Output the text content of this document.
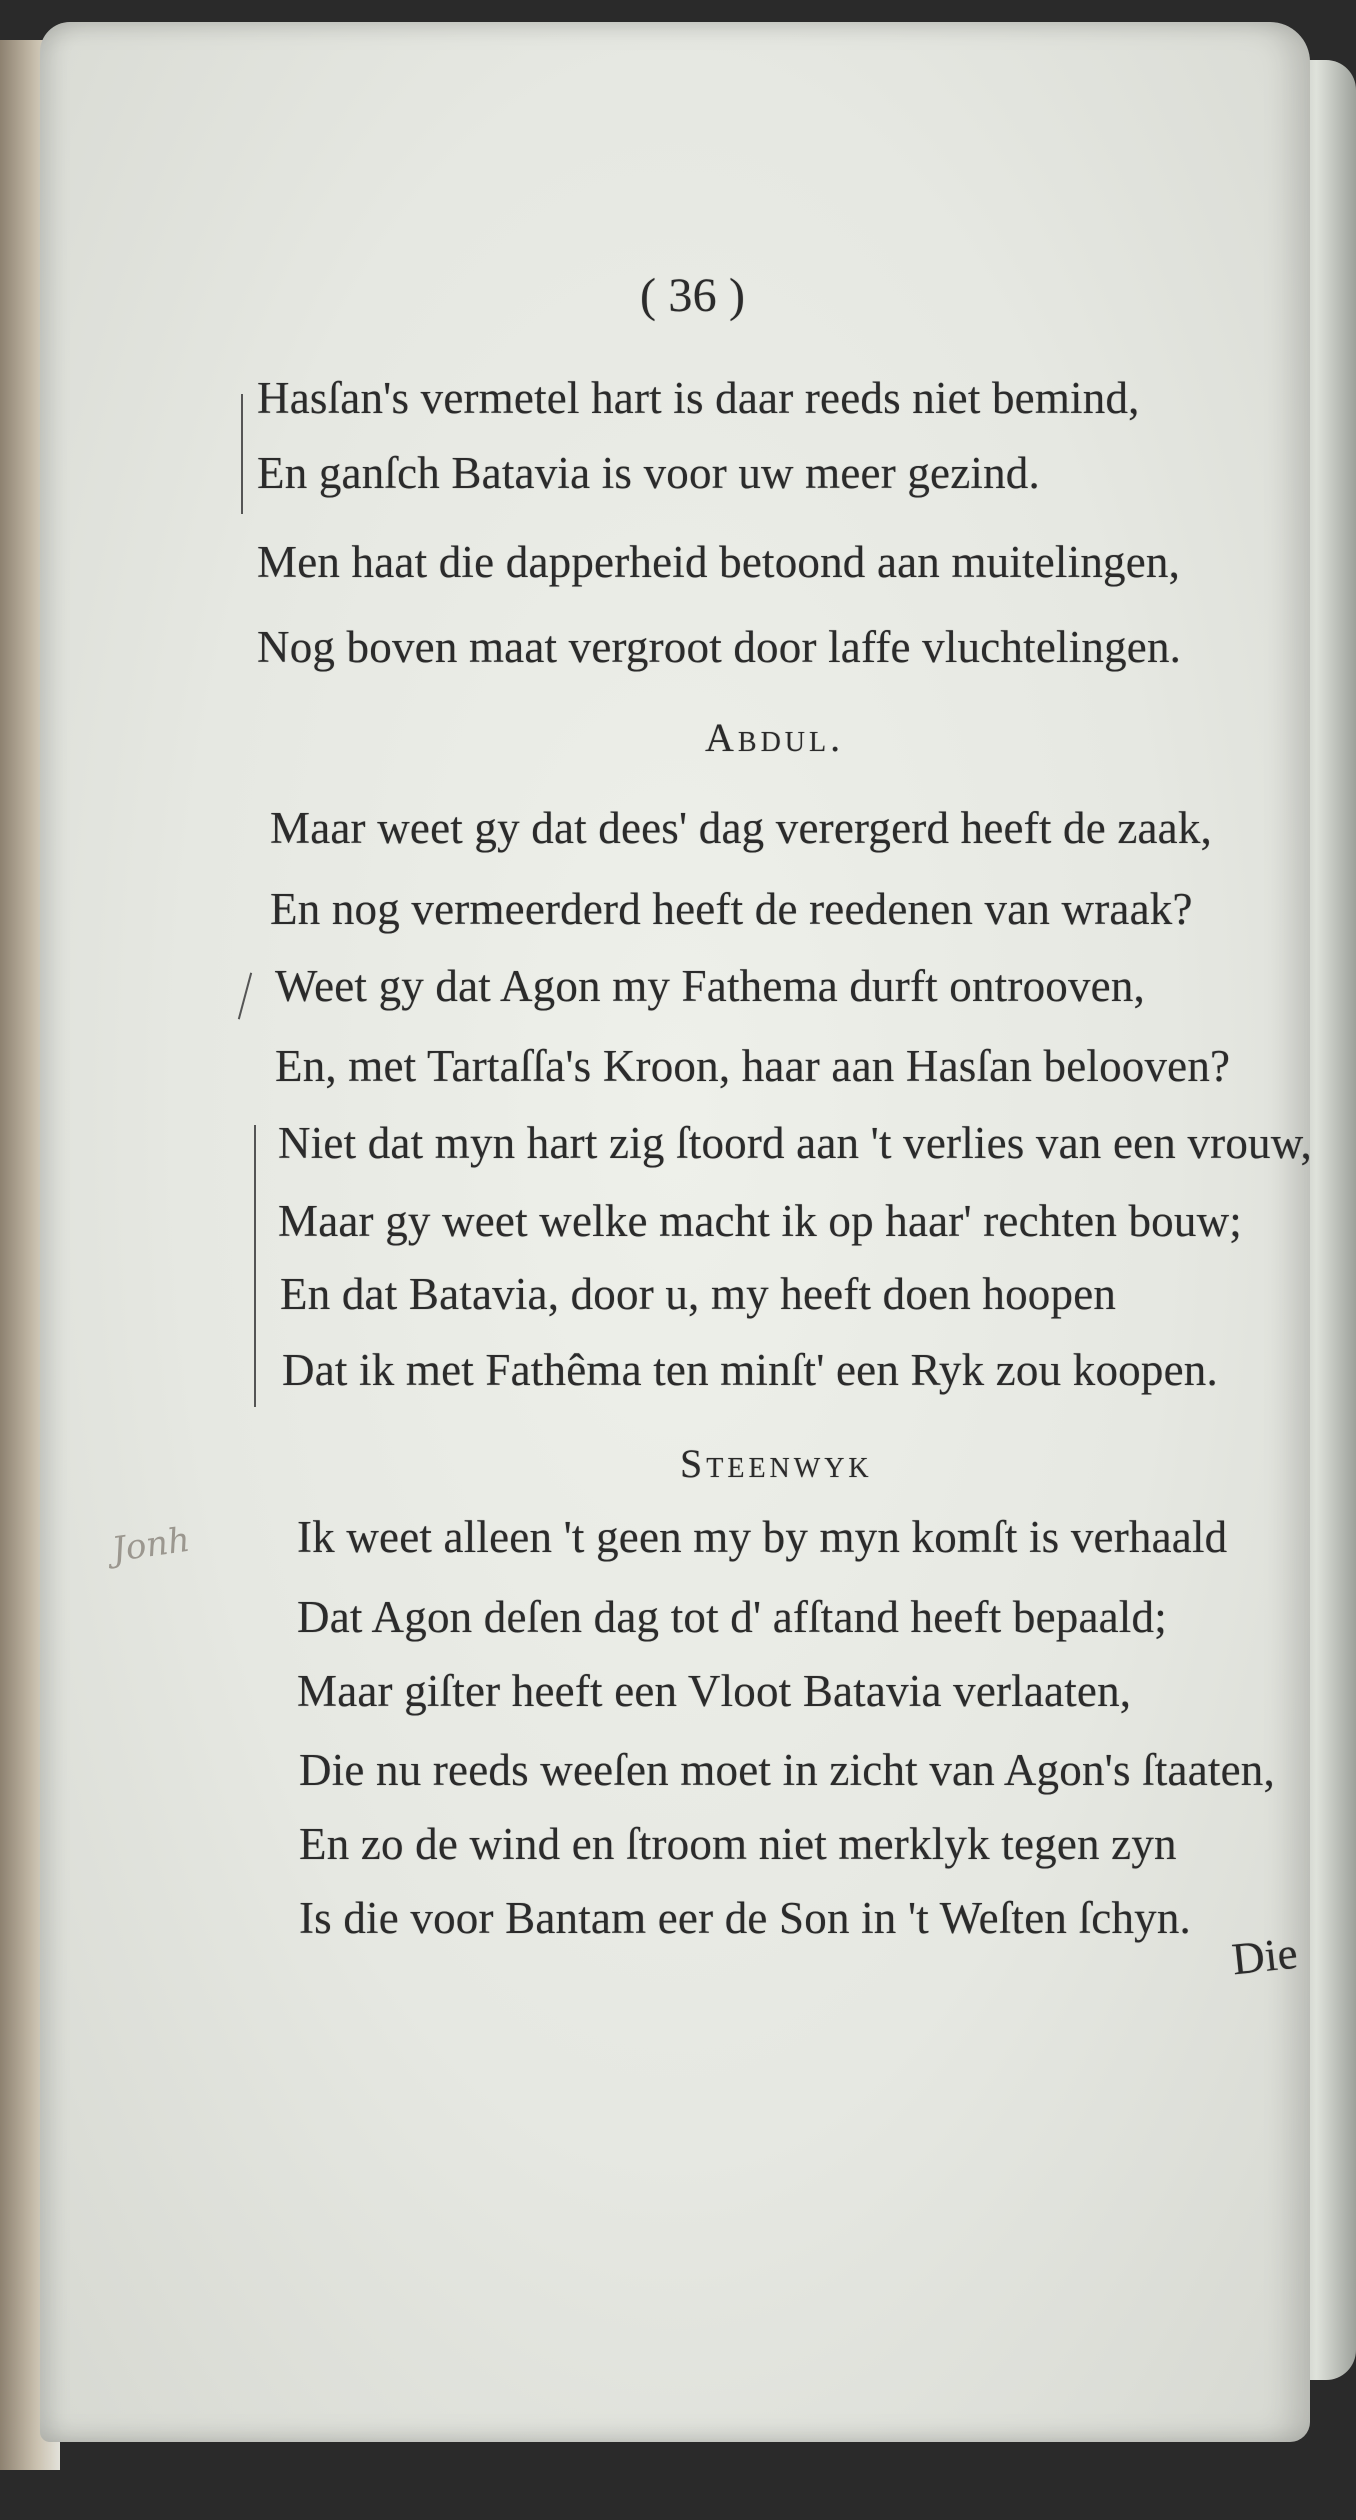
( 36 )
Hasſan's vermetel hart is daar reeds niet bemind,
En ganſch Batavia is voor uw meer gezind.
Men haat die dapperheid betoond aan muitelingen,
Nog boven maat vergroot door laffe vluchtelingen.
Abdul.
Maar weet gy dat dees' dag verergerd heeft de zaak,
En nog vermeerderd heeft de reedenen van wraak?
Weet gy dat Agon my Fathema durft ontrooven,
En, met Tartaſſa's Kroon, haar aan Hasſan belooven?
Niet dat myn hart zig ſtoord aan 't verlies van een vrouw,
Maar gy weet welke macht ik op haar' rechten bouw;
En dat Batavia, door u, my heeft doen hoopen
Dat ik met Fathêma ten minſt' een Ryk zou koopen.
Steenwyk
Jonh Ik weet alleen 't geen my by myn komſt is verhaald
Dat Agon deſen dag tot d' afſtand heeft bepaald;
Maar giſter heeft een Vloot Batavia verlaaten,
Die nu reeds weeſen moet in zicht van Agon's ſtaaten,
En zo de wind en ſtroom niet merklyk tegen zyn
Is die voor Bantam eer de Son in 't Weſten ſchyn.
Die
